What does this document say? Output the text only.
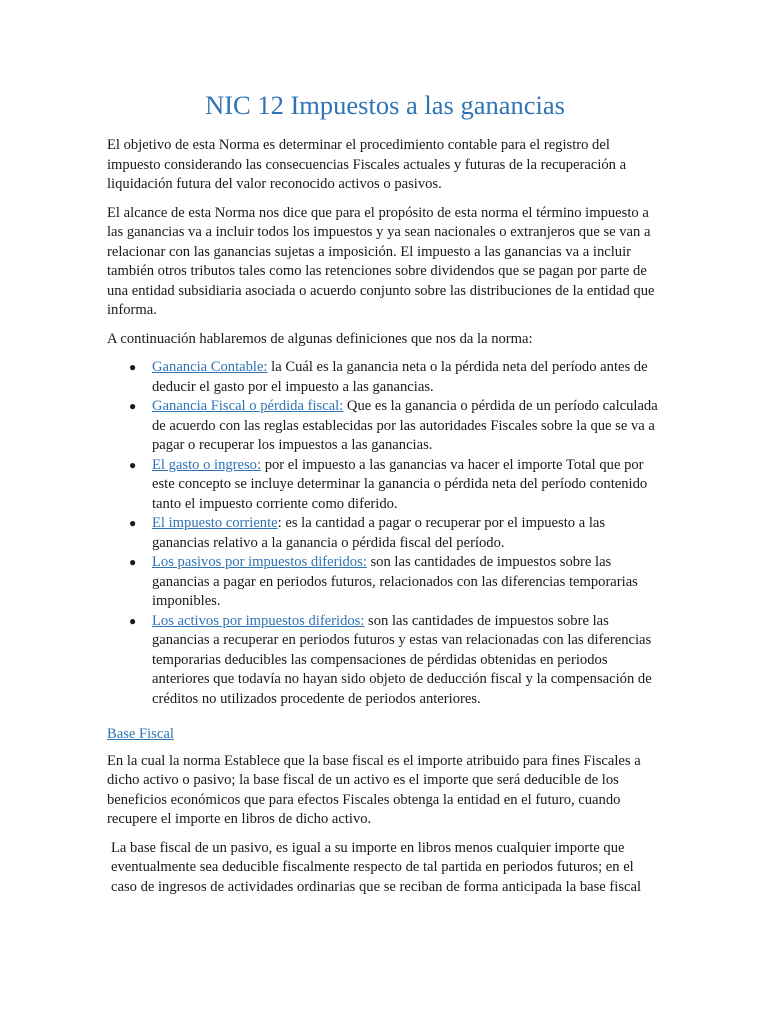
NIC 12 Impuestos a las ganancias

El objetivo de esta Norma es determinar el procedimiento contable para el registro del impuesto considerando las consecuencias Fiscales actuales y futuras de la recuperación a liquidación futura del valor reconocido activos o pasivos.

El alcance de esta Norma nos dice que para el propósito de esta norma el término impuesto a las ganancias va a incluir todos los impuestos y ya sean nacionales o extranjeros que se van a relacionar con las ganancias sujetas a imposición. El impuesto a las ganancias va a incluir también otros tributos tales como las retenciones sobre dividendos que se pagan por parte de una entidad subsidiaria asociada o acuerdo conjunto sobre las distribuciones de la entidad que informa.

A continuación hablaremos de algunas definiciones que nos da la norma:

● Ganancia Contable: la Cuál es la ganancia neta o la pérdida neta del período antes de deducir el gasto por el impuesto a las ganancias.
● Ganancia Fiscal o pérdida fiscal: Que es la ganancia o pérdida de un período calculada de acuerdo con las reglas establecidas por las autoridades Fiscales sobre la que se va a pagar o recuperar los impuestos a las ganancias.
● El gasto o ingreso: por el impuesto a las ganancias va hacer el importe Total que por este concepto se incluye determinar la ganancia o pérdida neta del período contenido tanto el impuesto corriente como diferido.
● El impuesto corriente: es la cantidad a pagar o recuperar por el impuesto a las ganancias relativo a la ganancia o pérdida fiscal del período.
● Los pasivos por impuestos diferidos: son las cantidades de impuestos sobre las ganancias a pagar en periodos futuros, relacionados con las diferencias temporarias imponibles.
● Los activos por impuestos diferidos: son las cantidades de impuestos sobre las ganancias a recuperar en periodos futuros y estas van relacionadas con las diferencias temporarias deducibles las compensaciones de pérdidas obtenidas en periodos anteriores que todavía no hayan sido objeto de deducción fiscal y la compensación de créditos no utilizados procedente de periodos anteriores.
Base Fiscal

En la cual la norma Establece que la base fiscal es el importe atribuido para fines Fiscales a dicho activo o pasivo; la base fiscal de un activo es el importe que será deducible de los beneficios económicos que para efectos Fiscales obtenga la entidad en el futuro, cuando recupere el importe en libros de dicho activo.

La base fiscal de un pasivo, es igual a su importe en libros menos cualquier importe que eventualmente sea deducible fiscalmente respecto de tal partida en periodos futuros; en el caso de ingresos de actividades ordinarias que se reciban de forma anticipada la base fiscal
